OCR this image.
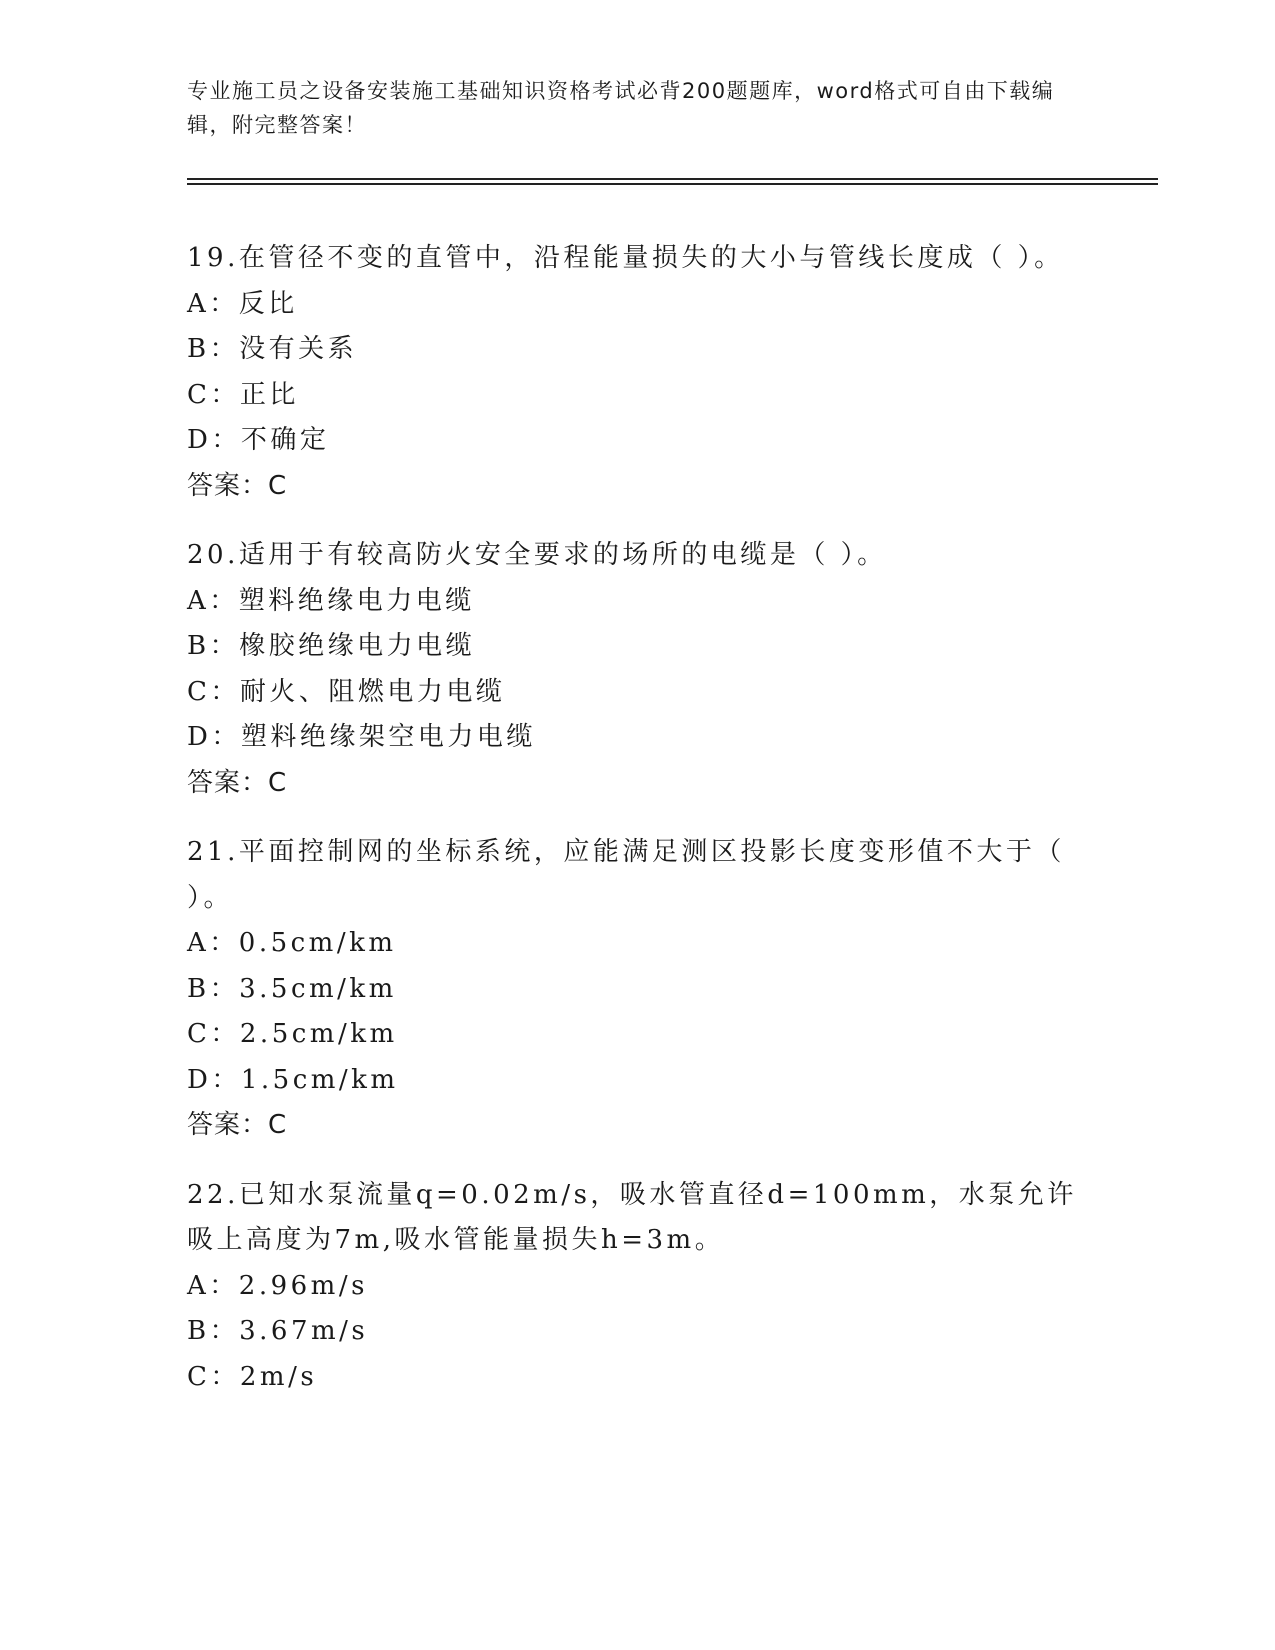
专业施工员之设备安装施工基础知识资格考试必背200题题库，word格式可自由下载编辑，附完整答案！
19.在管径不变的直管中，沿程能量损失的大小与管线长度成（ ）。
A：反比
B：没有关系
C：正比
D：不确定
答案：C
20.适用于有较高防火安全要求的场所的电缆是（ ）。
A：塑料绝缘电力电缆
B：橡胶绝缘电力电缆
C：耐火、阻燃电力电缆
D：塑料绝缘架空电力电缆
答案：C
21.平面控制网的坐标系统，应能满足测区投影长度变形值不大于（ ）。
A：0.5cm/km
B：3.5cm/km
C：2.5cm/km
D：1.5cm/km
答案：C
22.已知水泵流量q=0.02m/s，吸水管直径d=100mm，水泵允许吸上高度为7m,吸水管能量损失h=3m。
A：2.96m/s
B：3.67m/s
C：2m/s
